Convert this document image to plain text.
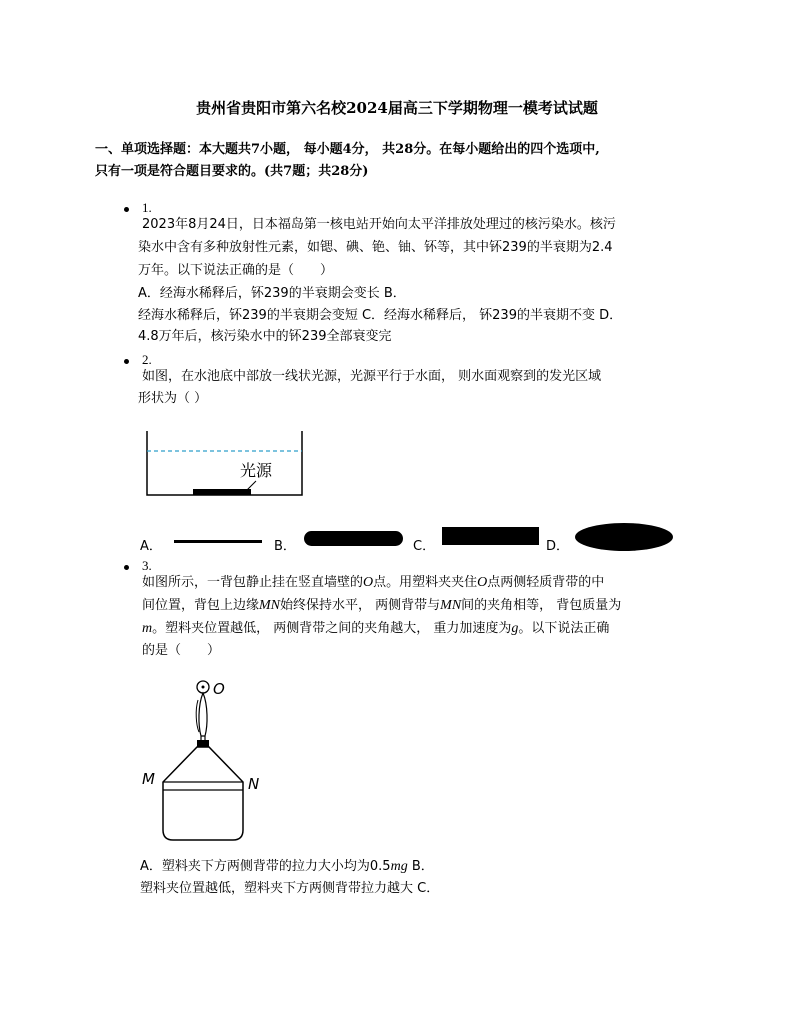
贵州省贵阳市第六名校2024届高三下学期物理一模考试试题
一、单项选择题：本大题共7小题， 每小题4分， 共28分。在每小题给出的四个选项中,
只有一项是符合题目要求的。(共7题；共28分)
1.
2023年8月24日，日本福岛第一核电站开始向太平洋排放处理过的核污染水。核污
染水中含有多种放射性元素，如锶、碘、铯、铀、钚等，其中钚239的半衰期为2.4
万年。以下说法正确的是（　　）
A．经海水稀释后，钚239的半衰期会变长 B．
经海水稀释后，钚239的半衰期会变短 C．经海水稀释后， 钚239的半衰期不变 D．
4.8万年后，核污染水中的钚239全部衰变完
2.
如图，在水池底中部放一线状光源，光源平行于水面， 则水面观察到的发光区域
形状为（ ）
光源
A．	B．	C．	D．
3.
如图所示，一背包静止挂在竖直墙壁的O点。用塑料夹夹住O点两侧轻质背带的中
间位置，背包上边缘MN始终保持水平， 两侧背带与MN间的夹角相等， 背包质量为
m。塑料夹位置越低， 两侧背带之间的夹角越大， 重力加速度为g。以下说法正确
的是（　　）
O
M	N
A．塑料夹下方两侧背带的拉力大小均为0.5mg B．
塑料夹位置越低，塑料夹下方两侧背带拉力越大 C．
